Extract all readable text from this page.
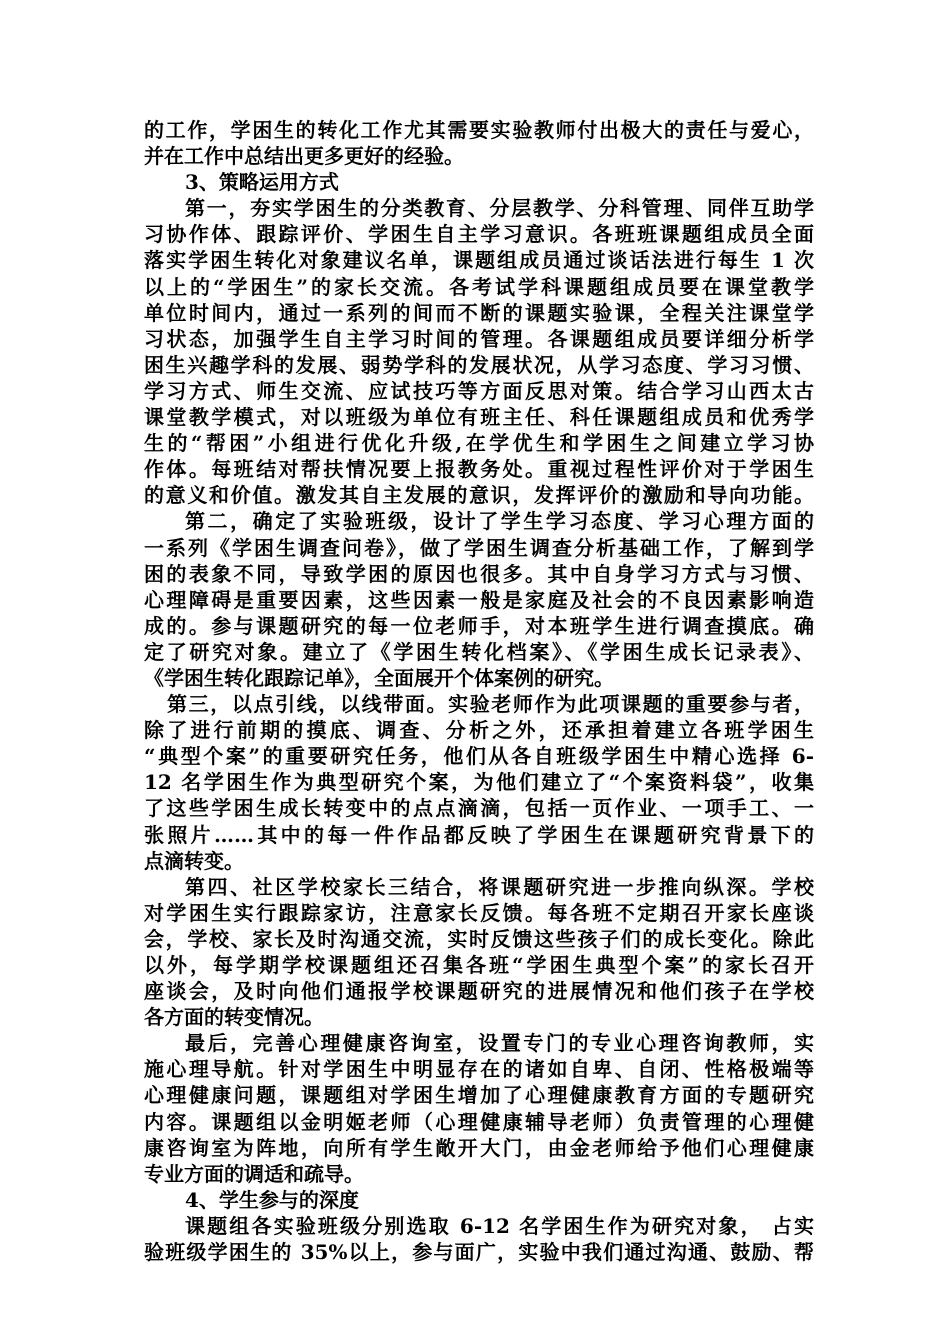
的工作，学困生的转化工作尤其需要实验教师付出极大的责任与爱心，
并在工作中总结出更多更好的经验。
3、策略运用方式
第一，夯实学困生的分类教育、分层教学、分科管理、同伴互助学
习协作体、跟踪评价、学困生自主学习意识。各班班课题组成员全面
落实学困生转化对象建议名单，课题组成员通过谈话法进行每生 1 次
以上的“学困生”的家长交流。各考试学科课题组成员要在课堂教学
单位时间内，通过一系列的间而不断的课题实验课，全程关注课堂学
习状态，加强学生自主学习时间的管理。各课题组成员要详细分析学
困生兴趣学科的发展、弱势学科的发展状况，从学习态度、学习习惯、
学习方式、师生交流、应试技巧等方面反思对策。结合学习山西太古
课堂教学模式，对以班级为单位有班主任、科任课题组成员和优秀学
生的“帮困”小组进行优化升级,在学优生和学困生之间建立学习协
作体。每班结对帮扶情况要上报教务处。重视过程性评价对于学困生
的意义和价值。激发其自主发展的意识，发挥评价的激励和导向功能。
第二，确定了实验班级，设计了学生学习态度、学习心理方面的
一系列《学困生调查问卷》，做了学困生调查分析基础工作，了解到学
困的表象不同，导致学困的原因也很多。其中自身学习方式与习惯、
心理障碍是重要因素，这些因素一般是家庭及社会的不良因素影响造
成的。参与课题研究的每一位老师手，对本班学生进行调查摸底。确
定了研究对象。建立了《学困生转化档案》、《学困生成长记录表》、
《学困生转化跟踪记单》，全面展开个体案例的研究。
第三，以点引线，以线带面。实验老师作为此项课题的重要参与者，
除了进行前期的摸底、调查、分析之外，还承担着建立各班学困生
“典型个案”的重要研究任务，他们从各自班级学困生中精心选择 6-
12 名学困生作为典型研究个案，为他们建立了“个案资料袋”，收集
了这些学困生成长转变中的点点滴滴，包括一页作业、一项手工、一
张照片……其中的每一件作品都反映了学困生在课题研究背景下的
点滴转变。
第四、社区学校家长三结合，将课题研究进一步推向纵深。学校
对学困生实行跟踪家访，注意家长反馈。每各班不定期召开家长座谈
会，学校、家长及时沟通交流，实时反馈这些孩子们的成长变化。除此
以外，每学期学校课题组还召集各班“学困生典型个案”的家长召开
座谈会，及时向他们通报学校课题研究的进展情况和他们孩子在学校
各方面的转变情况。
最后，完善心理健康咨询室，设置专门的专业心理咨询教师，实
施心理导航。针对学困生中明显存在的诸如自卑、自闭、性格极端等
心理健康问题，课题组对学困生增加了心理健康教育方面的专题研究
内容。课题组以金明姬老师（心理健康辅导老师）负责管理的心理健
康咨询室为阵地，向所有学生敞开大门，由金老师给予他们心理健康
专业方面的调适和疏导。
4、学生参与的深度
课题组各实验班级分别选取 6-12 名学困生作为研究对象， 占实
验班级学困生的 35%以上，参与面广，实验中我们通过沟通、鼓励、帮
